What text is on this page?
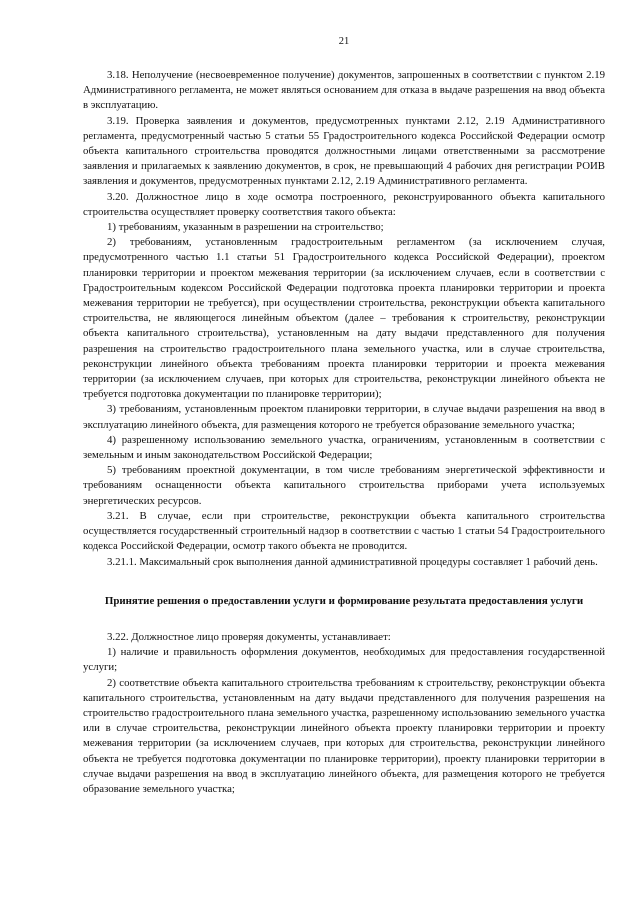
21

3.18. Неполучение (несвоевременное получение) документов, запрошенных в соответствии с пунктом 2.19 Административного регламента, не может являться основанием для отказа в выдаче разрешения на ввод объекта в эксплуатацию.

3.19. Проверка заявления и документов, предусмотренных пунктами 2.12, 2.19 Административного регламента, предусмотренный частью 5 статьи 55 Градостроительного кодекса Российской Федерации осмотр объекта капитального строительства проводятся должностными лицами ответственными за рассмотрение заявления и прилагаемых к заявлению документов, в срок, не превышающий 4 рабочих дня регистрации РОИВ заявления и документов, предусмотренных пунктами 2.12, 2.19 Административного регламента.

3.20. Должностное лицо в ходе осмотра построенного, реконструированного объекта капитального строительства осуществляет проверку соответствия такого объекта:

1) требованиям, указанным в разрешении на строительство;

2) требованиям, установленным градостроительным регламентом (за исключением случая, предусмотренного частью 1.1 статьи 51 Градостроительного кодекса Российской Федерации), проектом планировки территории и проектом межевания территории (за исключением случаев, если в соответствии с Градостроительным кодексом Российской Федерации подготовка проекта планировки территории и проекта межевания территории не требуется), при осуществлении строительства, реконструкции объекта капитального строительства, не являющегося линейным объектом (далее – требования к строительству, реконструкции объекта капитального строительства), установленным на дату выдачи представленного для получения разрешения на строительство градостроительного плана земельного участка, или в случае строительства, реконструкции линейного объекта требованиям проекта планировки территории и проекта межевания территории (за исключением случаев, при которых для строительства, реконструкции линейного объекта не требуется подготовка документации по планировке территории);

3) требованиям, установленным проектом планировки территории, в случае выдачи разрешения на ввод в эксплуатацию линейного объекта, для размещения которого не требуется образование земельного участка;

4) разрешенному использованию земельного участка, ограничениям, установленным в соответствии с земельным и иным законодательством Российской Федерации;

5) требованиям проектной документации, в том числе требованиям энергетической эффективности и требованиям оснащенности объекта капитального строительства приборами учета используемых энергетических ресурсов.

3.21. В случае, если при строительстве, реконструкции объекта капитального строительства осуществляется государственный строительный надзор в соответствии с частью 1 статьи 54 Градостроительного кодекса Российской Федерации, осмотр такого объекта не проводится.

3.21.1. Максимальный срок выполнения данной административной процедуры составляет 1 рабочий день.

Принятие решения о предоставлении услуги и формирование результата предоставления услуги

3.22. Должностное лицо проверяя документы, устанавливает:

1) наличие и правильность оформления документов, необходимых для предоставления государственной услуги;

2) соответствие объекта капитального строительства требованиям к строительству, реконструкции объекта капитального строительства, установленным на дату выдачи представленного для получения разрешения на строительство градостроительного плана земельного участка, разрешенному использованию земельного участка или в случае строительства, реконструкции линейного объекта проекту планировки территории и проекту межевания территории (за исключением случаев, при которых для строительства, реконструкции линейного объекта не требуется подготовка документации по планировке территории), проекту планировки территории в случае выдачи разрешения на ввод в эксплуатацию линейного объекта, для размещения которого не требуется образование земельного участка;
